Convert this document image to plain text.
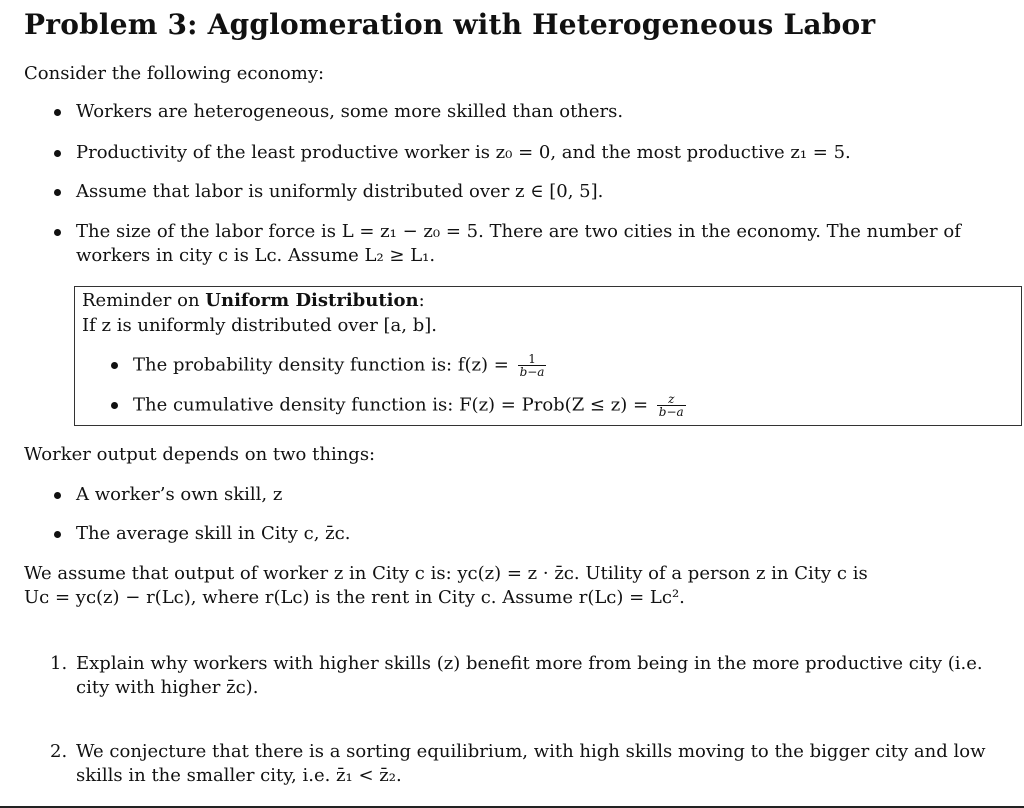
Problem 3: Agglomeration with Heterogeneous Labor
Consider the following economy:
Workers are heterogeneous, some more skilled than others.
Productivity of the least productive worker is z₀ = 0, and the most productive z₁ = 5.
Assume that labor is uniformly distributed over z ∈ [0, 5].
The size of the labor force is L = z₁ − z₀ = 5. There are two cities in the economy. The number of
workers in city c is Lᴄ. Assume L₂ ≥ L₁.
Reminder on Uniform Distribution:
If z is uniformly distributed over [a, b].
The probability density function is: $f(z) = \frac{1}{b-a}$
The cumulative density function is: F(z) = Prob(Z ≤ $z) = \frac{z}{b-a}$
Worker output depends on two things:
A worker’s own skill, z
The average skill in City c, z̄ᴄ.
We assume that output of worker z in City c is: yᴄ(z) = z · z̄ᴄ. Utility of a person z in City c is
Uᴄ = yᴄ(z) − r(Lᴄ), where r(Lᴄ) is the rent in City c. Assume r(Lᴄ) = Lᴄ².
1. Explain why workers with higher skills (z) benefit more from being in the more productive city (i.e.
city with higher z̄ᴄ).
2. We conjecture that there is a sorting equilibrium, with high skills moving to the bigger city and low
skills in the smaller city, i.e. z̄₁ < z̄₂.
